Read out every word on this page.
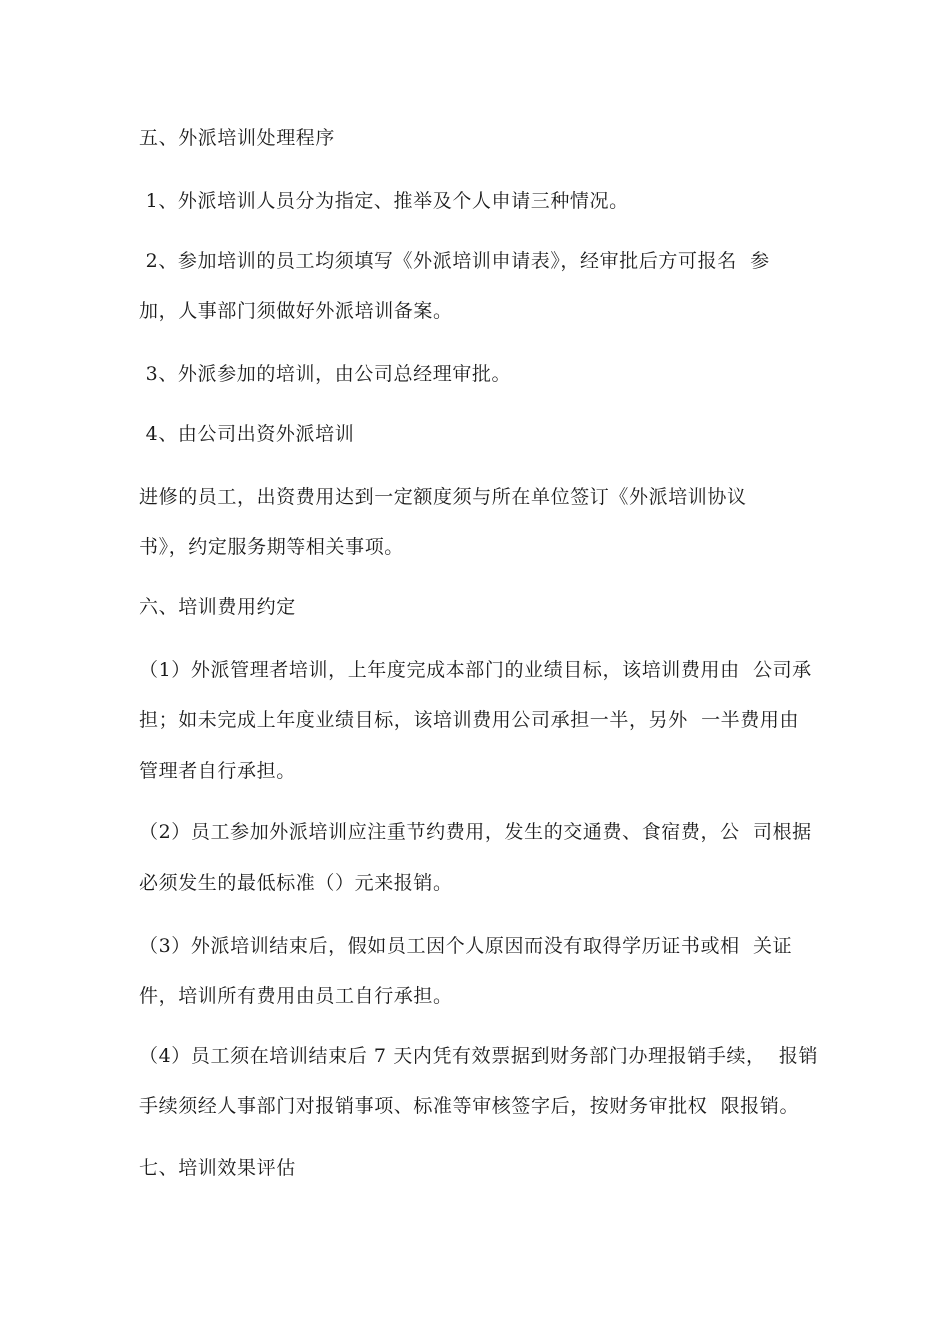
五、外派培训处理程序
1、外派培训人员分为指定、推举及个人申请三种情况。
2、参加培训的员工均须填写《外派培训申请表》，经审批后方可报名  参
加，人事部门须做好外派培训备案。
3、外派参加的培训，由公司总经理审批。
4、由公司出资外派培训
进修的员工，出资费用达到一定额度须与所在单位签订《外派培训协议
书》，约定服务期等相关事项。
六、培训费用约定
（1）外派管理者培训，上年度完成本部门的业绩目标，该培训费用由  公司承
担；如未完成上年度业绩目标，该培训费用公司承担一半，另外  一半费用由
管理者自行承担。
（2）员工参加外派培训应注重节约费用，发生的交通费、食宿费，公  司根据
必须发生的最低标准（）元来报销。
（3）外派培训结束后，假如员工因个人原因而没有取得学历证书或相  关证
件，培训所有费用由员工自行承担。
（4）员工须在培训结束后 7 天内凭有效票据到财务部门办理报销手续，  报销
手续须经人事部门对报销事项、标准等审核签字后，按财务审批权  限报销。
七、培训效果评估
